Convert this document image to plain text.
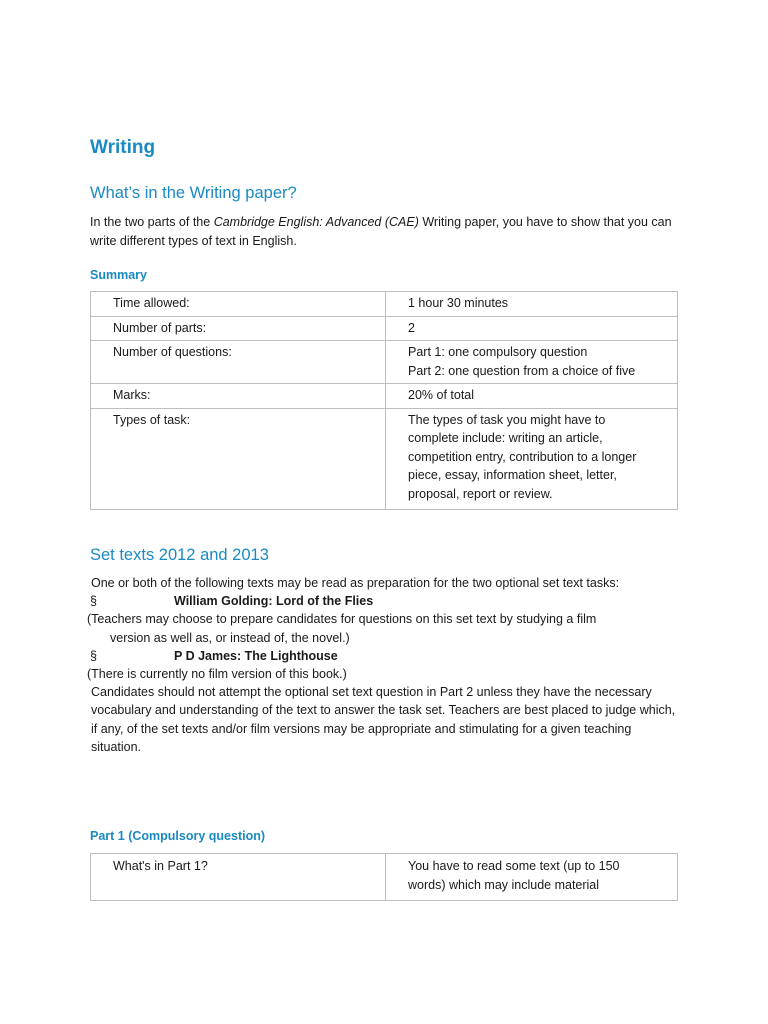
Writing
What’s in the Writing paper?

In the two parts of the Cambridge English: Advanced (CAE) Writing paper, you have to show that you can write different types of text in English.

Summary
Time allowed:	1 hour 30 minutes
Number of parts:	2
Number of questions:	Part 1: one compulsory question
Part 2: one question from a choice of five

Marks:	20% of total
Types of task:	The types of task you might have to complete include: writing an article, competition entry, contribution to a longer piece, essay, information sheet, letter, proposal, report or review.
Set texts 2012 and 2013

One or both of the following texts may be read as preparation for the two optional set text tasks:

§	William Golding: Lord of the Flies

(Teachers may choose to prepare candidates for questions on this set text by studying a film
version as well as, or instead of, the novel.)

§	P D James: The Lighthouse

(There is currently no film version of this book.)

Candidates should not attempt the optional set text question in Part 2 unless they have the necessary vocabulary and understanding of the text to answer the task set. Teachers are best placed to judge which, if any, of the set texts and/or film versions may be appropriate and stimulating for a given teaching situation.

Part 1 (Compulsory question)
What's in Part 1?	You have to read some text (up to 150 words) which may include material
